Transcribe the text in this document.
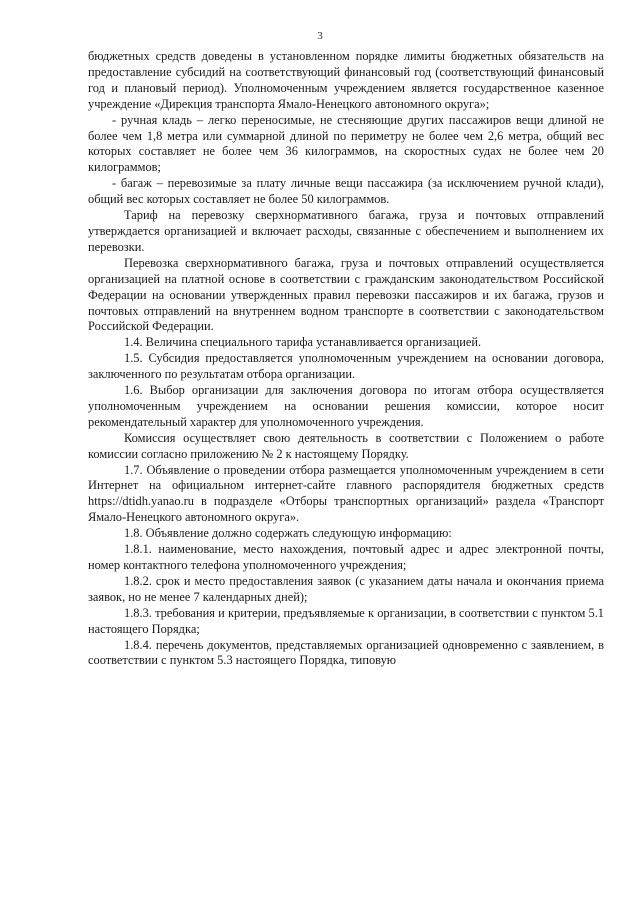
3

бюджетных средств доведены в установленном порядке лимиты бюджетных обязательств на предоставление субсидий на соответствующий финансовый год (соответствующий финансовый год и плановый период). Уполномоченным учреждением является государственное казенное учреждение «Дирекция транспорта Ямало-Ненецкого автономного округа»;

- ручная кладь – легко переносимые, не стесняющие других пассажиров вещи длиной не более чем 1,8 метра или суммарной длиной по периметру не более чем 2,6 метра, общий вес которых составляет не более чем 36 килограммов, на скоростных судах не более чем 20 килограммов;

- багаж – перевозимые за плату личные вещи пассажира (за исключением ручной клади), общий вес которых составляет не более 50 килограммов.

Тариф на перевозку сверхнормативного багажа, груза и почтовых отправлений утверждается организацией и включает расходы, связанные с обеспечением и выполнением их перевозки.

Перевозка сверхнормативного багажа, груза и почтовых отправлений осуществляется организацией на платной основе в соответствии с гражданским законодательством Российской Федерации на основании утвержденных правил перевозки пассажиров и их багажа, грузов и почтовых отправлений на внутреннем водном транспорте в соответствии с законодательством Российской Федерации.

1.4. Величина специального тарифа устанавливается организацией.

1.5. Субсидия предоставляется уполномоченным учреждением на основании договора, заключенного по результатам отбора организации.

1.6. Выбор организации для заключения договора по итогам отбора осуществляется уполномоченным учреждением на основании решения комиссии, которое носит рекомендательный характер для уполномоченного учреждения.

Комиссия осуществляет свою деятельность в соответствии с Положением о работе комиссии согласно приложению № 2 к настоящему Порядку.

1.7. Объявление о проведении отбора размещается уполномоченным учреждением в сети Интернет на официальном интернет-сайте главного распорядителя бюджетных средств https://dtidh.yanao.ru в подразделе «Отборы транспортных организаций» раздела «Транспорт Ямало-Ненецкого автономного округа».

1.8. Объявление должно содержать следующую информацию:

1.8.1. наименование, место нахождения, почтовый адрес и адрес электронной почты, номер контактного телефона уполномоченного учреждения;

1.8.2. срок и место предоставления заявок (с указанием даты начала и окончания приема заявок, но не менее 7 календарных дней);

1.8.3. требования и критерии, предъявляемые к организации, в соответствии с пунктом 5.1 настоящего Порядка;

1.8.4. перечень документов, представляемых организацией одновременно с заявлением, в соответствии с пунктом 5.3 настоящего Порядка, типовую
